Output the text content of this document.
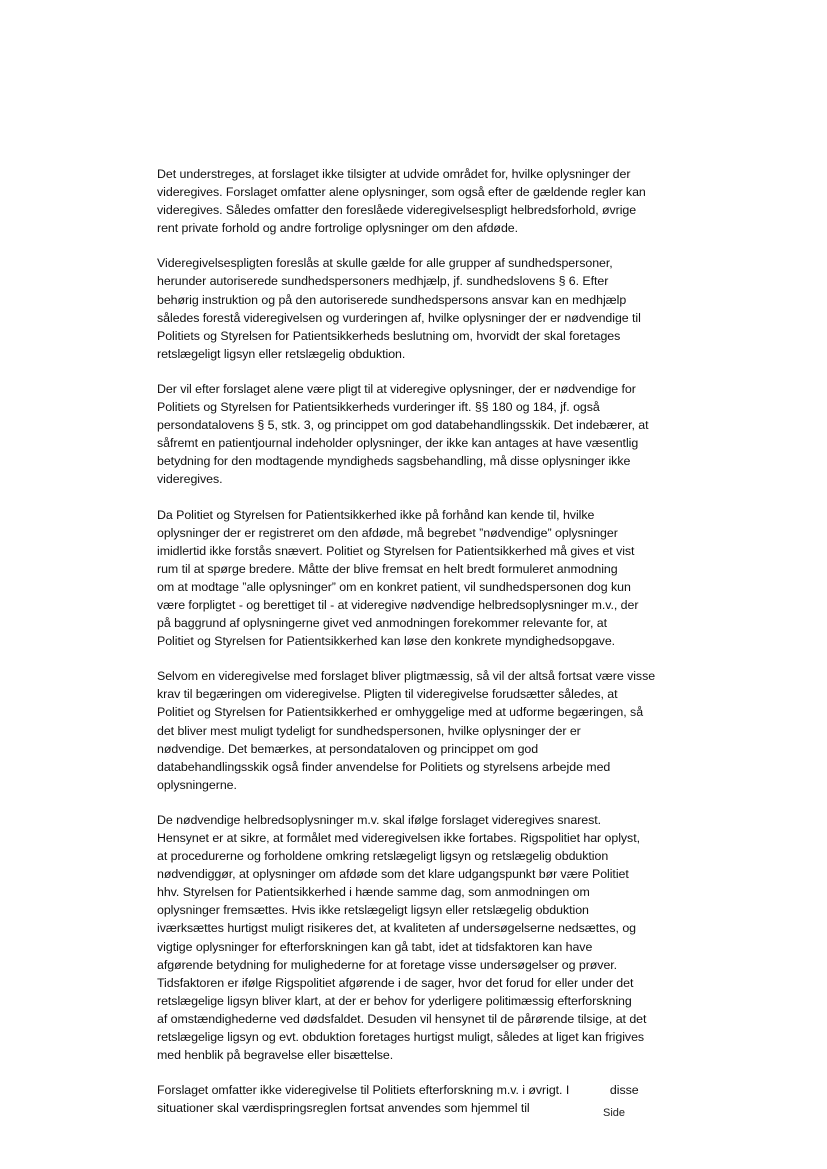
Det understreges, at forslaget ikke tilsigter at udvide området for, hvilke oplysninger der
videregives. Forslaget omfatter alene oplysninger, som også efter de gældende regler kan
videregives. Således omfatter den foreslåede videregivelsespligt helbredsforhold, øvrige
rent private forhold og andre fortrolige oplysninger om den afdøde.
Videregivelsespligten foreslås at skulle gælde for alle grupper af sundhedspersoner,
herunder autoriserede sundhedspersoners medhjælp, jf. sundhedslovens § 6. Efter
behørig instruktion og på den autoriserede sundhedspersons ansvar kan en medhjælp
således forestå videregivelsen og vurderingen af, hvilke oplysninger der er nødvendige til
Politiets og Styrelsen for Patientsikkerheds beslutning om, hvorvidt der skal foretages
retslægeligt ligsyn eller retslægelig obduktion.
Der vil efter forslaget alene være pligt til at videregive oplysninger, der er nødvendige for
Politiets og Styrelsen for Patientsikkerheds vurderinger ift. §§ 180 og 184, jf. også
persondatalovens § 5, stk. 3, og princippet om god databehandlingsskik. Det indebærer, at
såfremt en patientjournal indeholder oplysninger, der ikke kan antages at have væsentlig
betydning for den modtagende myndigheds sagsbehandling, må disse oplysninger ikke
videregives.
Da Politiet og Styrelsen for Patientsikkerhed ikke på forhånd kan kende til, hvilke
oplysninger der er registreret om den afdøde, må begrebet ”nødvendige” oplysninger
imidlertid ikke forstås snævert. Politiet og Styrelsen for Patientsikkerhed må gives et vist
rum til at spørge bredere. Måtte der blive fremsat en helt bredt formuleret anmodning
om at modtage ”alle oplysninger” om en konkret patient, vil sundhedspersonen dog kun
være forpligtet - og berettiget til - at videregive nødvendige helbredsoplysninger m.v., der
på baggrund af oplysningerne givet ved anmodningen forekommer relevante for, at
Politiet og Styrelsen for Patientsikkerhed kan løse den konkrete myndighedsopgave.
Selvom en videregivelse med forslaget bliver pligtmæssig, så vil der altså fortsat være visse
krav til begæringen om videregivelse. Pligten til videregivelse forudsætter således, at
Politiet og Styrelsen for Patientsikkerhed er omhyggelige med at udforme begæringen, så
det bliver mest muligt tydeligt for sundhedspersonen, hvilke oplysninger der er
nødvendige. Det bemærkes, at persondataloven og princippet om god
databehandlingsskik også finder anvendelse for Politiets og styrelsens arbejde med
oplysningerne.
De nødvendige helbredsoplysninger m.v. skal ifølge forslaget videregives snarest.
Hensynet er at sikre, at formålet med videregivelsen ikke fortabes. Rigspolitiet har oplyst,
at procedurerne og forholdene omkring retslægeligt ligsyn og retslægelig obduktion
nødvendiggør, at oplysninger om afdøde som det klare udgangspunkt bør være Politiet
hhv. Styrelsen for Patientsikkerhed i hænde samme dag, som anmodningen om
oplysninger fremsættes. Hvis ikke retslægeligt ligsyn eller retslægelig obduktion
iværksættes hurtigst muligt risikeres det, at kvaliteten af undersøgelserne nedsættes, og
vigtige oplysninger for efterforskningen kan gå tabt, idet at tidsfaktoren kan have
afgørende betydning for mulighederne for at foretage visse undersøgelser og prøver.
Tidsfaktoren er ifølge Rigspolitiet afgørende i de sager, hvor det forud for eller under det
retslægelige ligsyn bliver klart, at der er behov for yderligere politimæssig efterforskning
af omstændighederne ved dødsfaldet. Desuden vil hensynet til de pårørende tilsige, at det
retslægelige ligsyn og evt. obduktion foretages hurtigst muligt, således at liget kan frigives
med henblik på begravelse eller bisættelse.
Forslaget omfatter ikke videregivelse til Politiets efterforskning m.v. i øvrigt. I            disse
situationer skal værdispringsreglen fortsat anvendes som hjemmel til	Side
